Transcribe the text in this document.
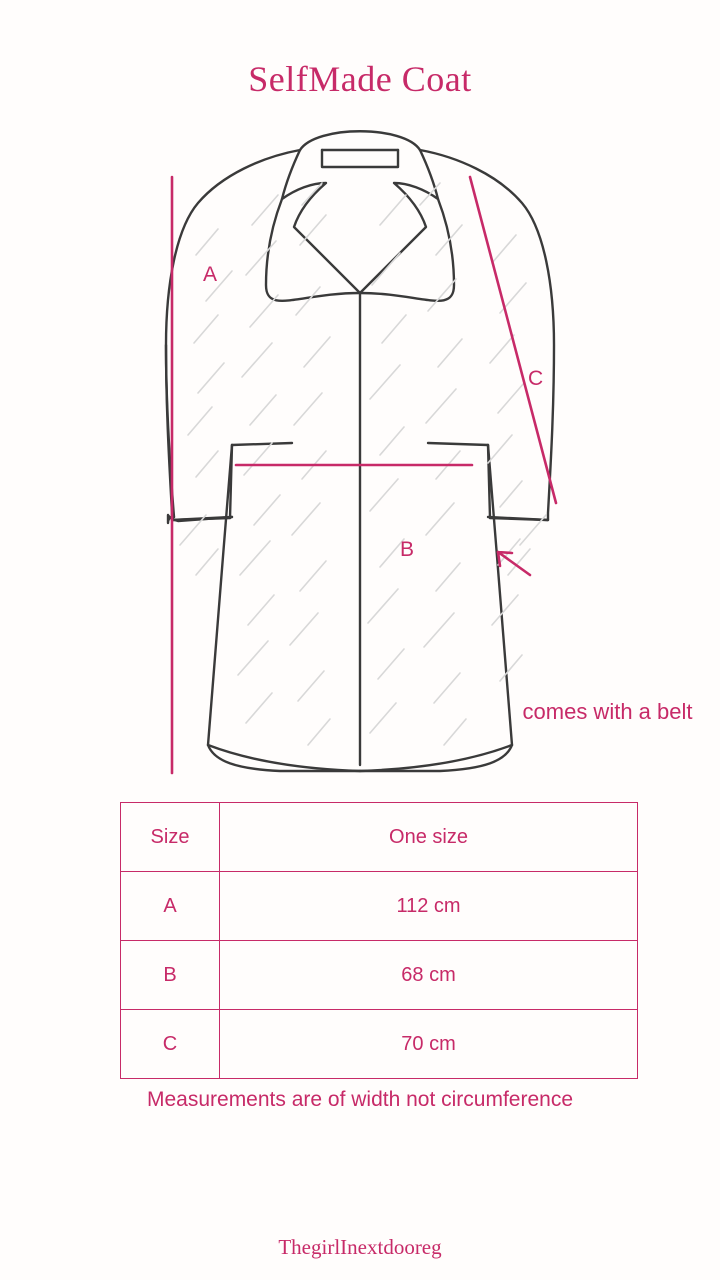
SelfMade Coat
A
B
C
comes with a belt
Size	One size
A	112 cm
B	68 cm
C	70 cm
Measurements are of width not circumference
ThegirlInextdooreg
